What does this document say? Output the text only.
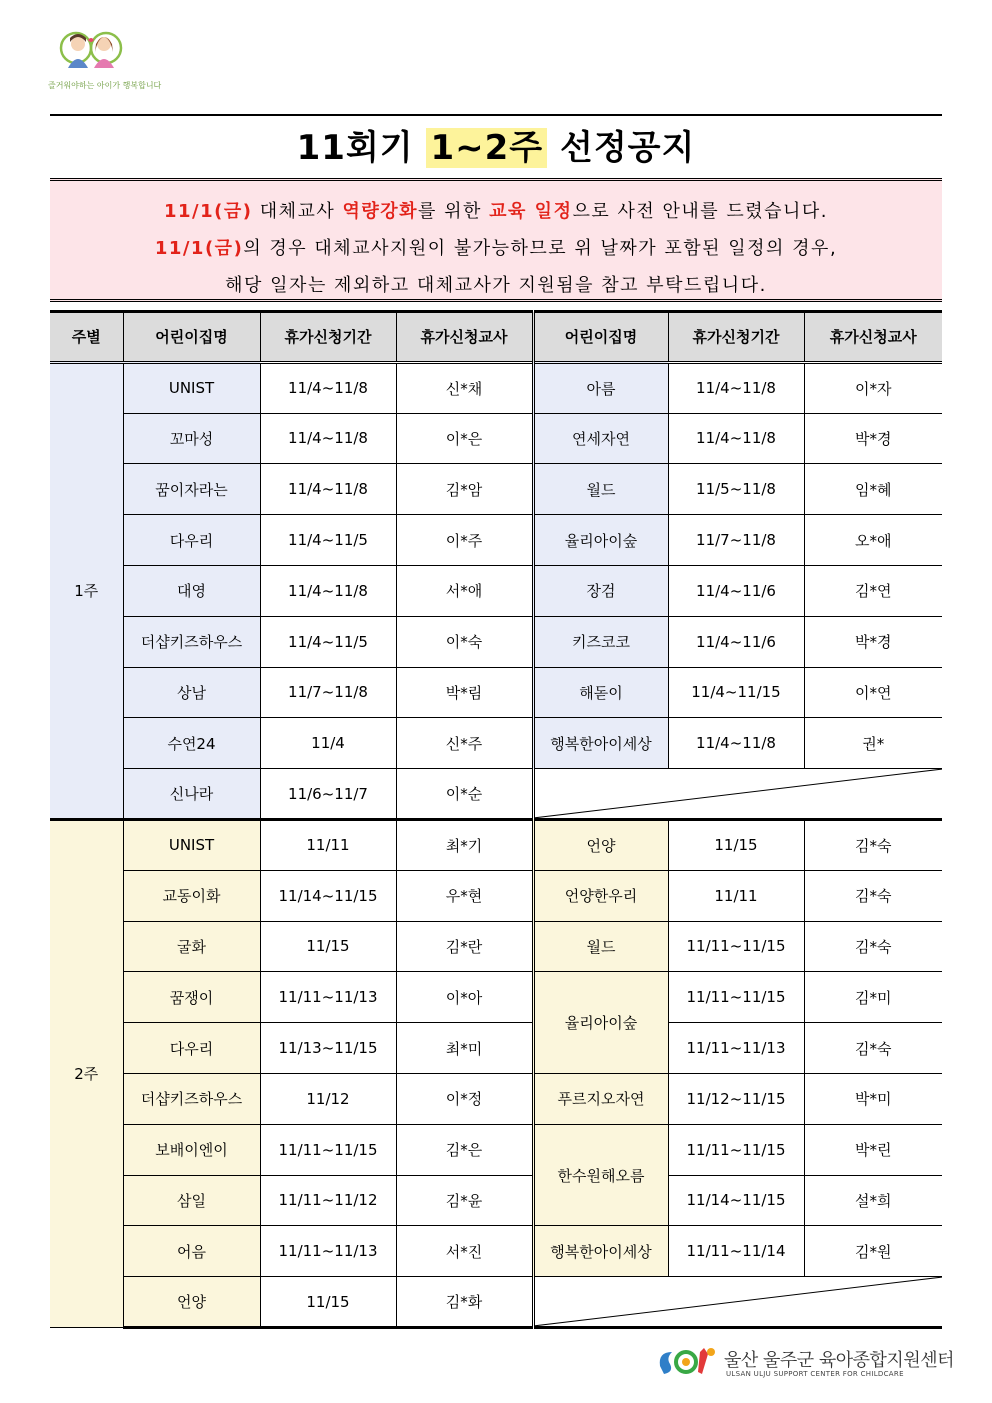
즐거워야하는 아이가 행복합니다
11회기 1~2주 선정공지
11/1(금) 대체교사 역량강화를 위한 교육 일정으로 사전 안내를 드렸습니다.
11/1(금)의 경우 대체교사지원이 불가능하므로 위 날짜가 포함된 일정의 경우,
해당 일자는 제외하고 대체교사가 지원됨을 참고 부탁드립니다.
주별	어린이집명	휴가신청기간	휴가신청교사	어린이집명	휴가신청기간	휴가신청교사
1주	UNIST	11/4~11/8	신*채	아름	11/4~11/8	이*자
	꼬마성	11/4~11/8	이*은	연세자연	11/4~11/8	박*경
	꿈이자라는	11/4~11/8	김*암	월드	11/5~11/8	임*혜
	다우리	11/4~11/5	이*주	율리아이숲	11/7~11/8	오*애
	대영	11/4~11/8	서*애	장검	11/4~11/6	김*연
	더샵키즈하우스	11/4~11/5	이*숙	키즈코코	11/4~11/6	박*경
	상남	11/7~11/8	박*림	해돋이	11/4~11/15	이*연
	수연24	11/4	신*주	행복한아이세상	11/4~11/8	권*
	신나라	11/6~11/7	이*순	

2주	UNIST	11/11	최*기	언양	11/15	김*숙
	교동이화	11/14~11/15	우*현	언양한우리	11/11	김*숙
	굴화	11/15	김*란	월드	11/11~11/15	김*숙
	꿈쟁이	11/11~11/13	이*아	율리아이숲	11/11~11/15	김*미
	다우리	11/13~11/15	최*미		11/11~11/13	김*숙
	더샵키즈하우스	11/12	이*정	푸르지오자연	11/12~11/15	박*미
	보배이엔이	11/11~11/15	김*은	한수원해오름	11/11~11/15	박*린
	삼일	11/11~11/12	김*윤		11/14~11/15	설*희
	어음	11/11~11/13	서*진	행복한아이세상	11/11~11/14	김*원
	언양	11/15	김*화	
울산 울주군 육아종합지원센터
ULSAN ULJU SUPPORT CENTER FOR CHILDCARE
